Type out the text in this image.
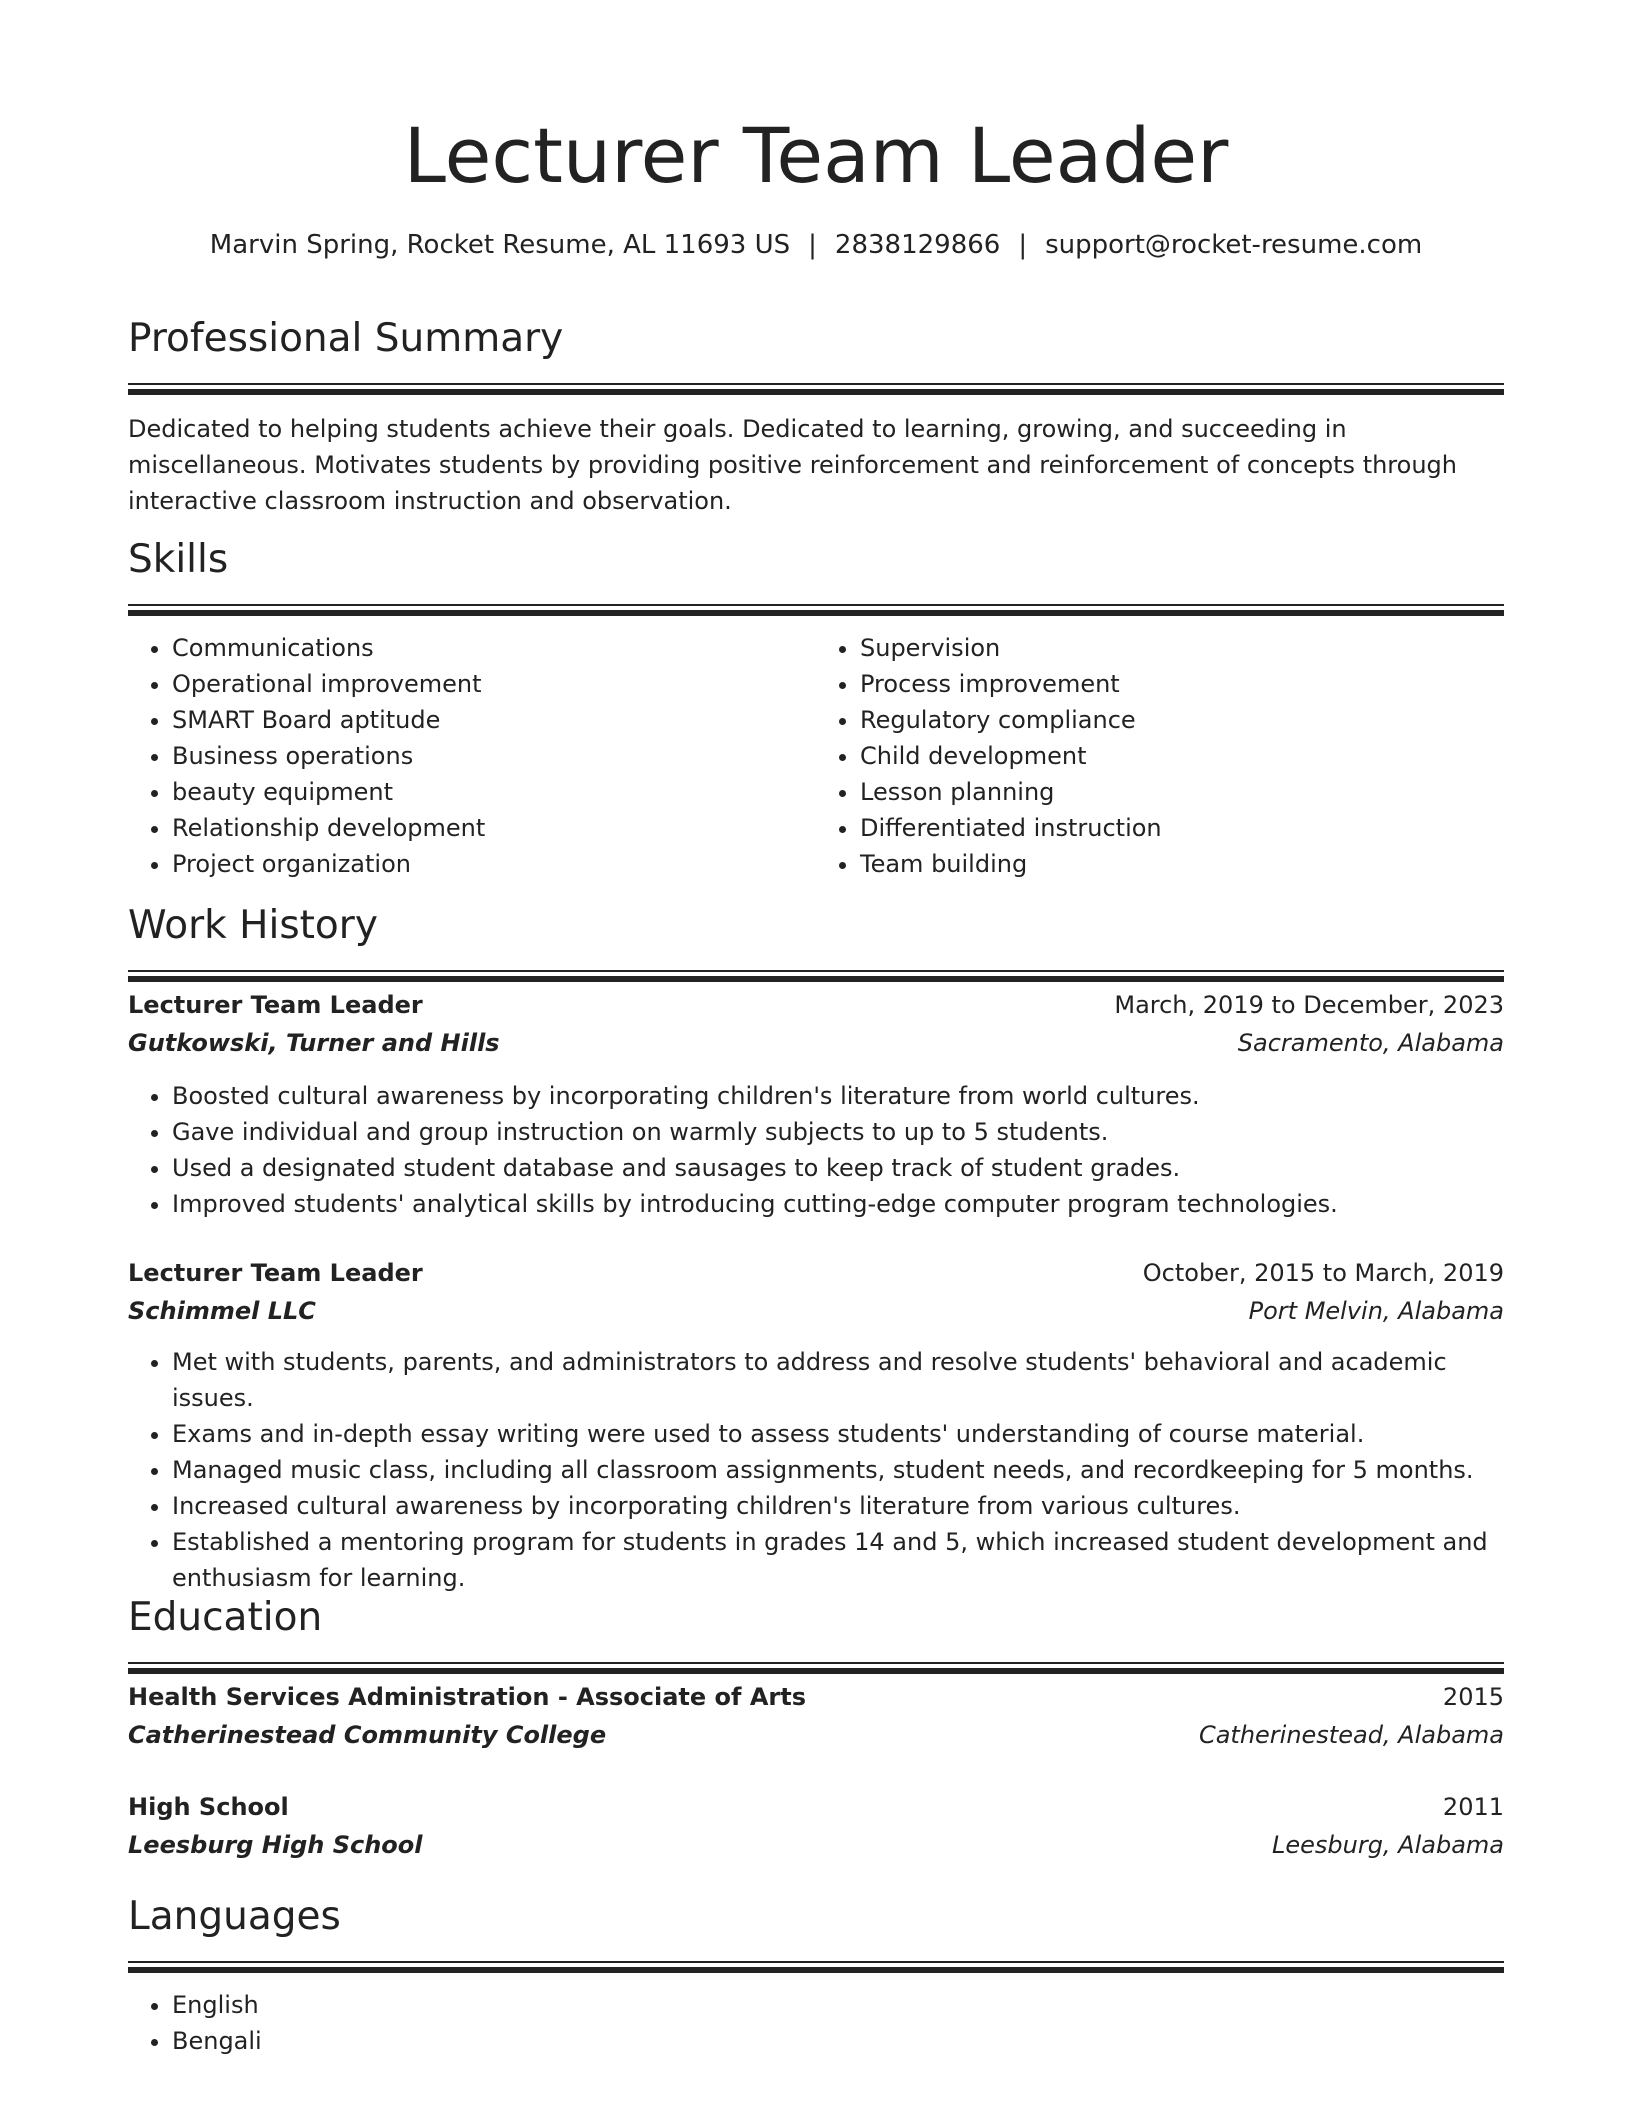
Lecturer Team Leader
Marvin Spring, Rocket Resume, AL 11693 US | 2838129866 | support@rocket-resume.com
Professional Summary
Dedicated to helping students achieve their goals. Dedicated to learning, growing, and succeeding in miscellaneous. Motivates students by providing positive reinforcement and reinforcement of concepts through interactive classroom instruction and observation.
Skills
• Communications
• Operational improvement
• SMART Board aptitude
• Business operations
• beauty equipment
• Relationship development
• Project organization
• Supervision
• Process improvement
• Regulatory compliance
• Child development
• Lesson planning
• Differentiated instruction
• Team building
Work History
Lecturer Team Leader	March, 2019 to December, 2023
Gutkowski, Turner and Hills	Sacramento, Alabama
• Boosted cultural awareness by incorporating children's literature from world cultures.
• Gave individual and group instruction on warmly subjects to up to 5 students.
• Used a designated student database and sausages to keep track of student grades.
• Improved students' analytical skills by introducing cutting-edge computer program technologies.
Lecturer Team Leader	October, 2015 to March, 2019
Schimmel LLC	Port Melvin, Alabama
• Met with students, parents, and administrators to address and resolve students' behavioral and academic issues.
• Exams and in-depth essay writing were used to assess students' understanding of course material.
• Managed music class, including all classroom assignments, student needs, and recordkeeping for 5 months.
• Increased cultural awareness by incorporating children's literature from various cultures.
• Established a mentoring program for students in grades 14 and 5, which increased student development and enthusiasm for learning.
Education
Health Services Administration - Associate of Arts	2015
Catherinestead Community College	Catherinestead, Alabama
High School	2011
Leesburg High School	Leesburg, Alabama
Languages
• English
• Bengali
